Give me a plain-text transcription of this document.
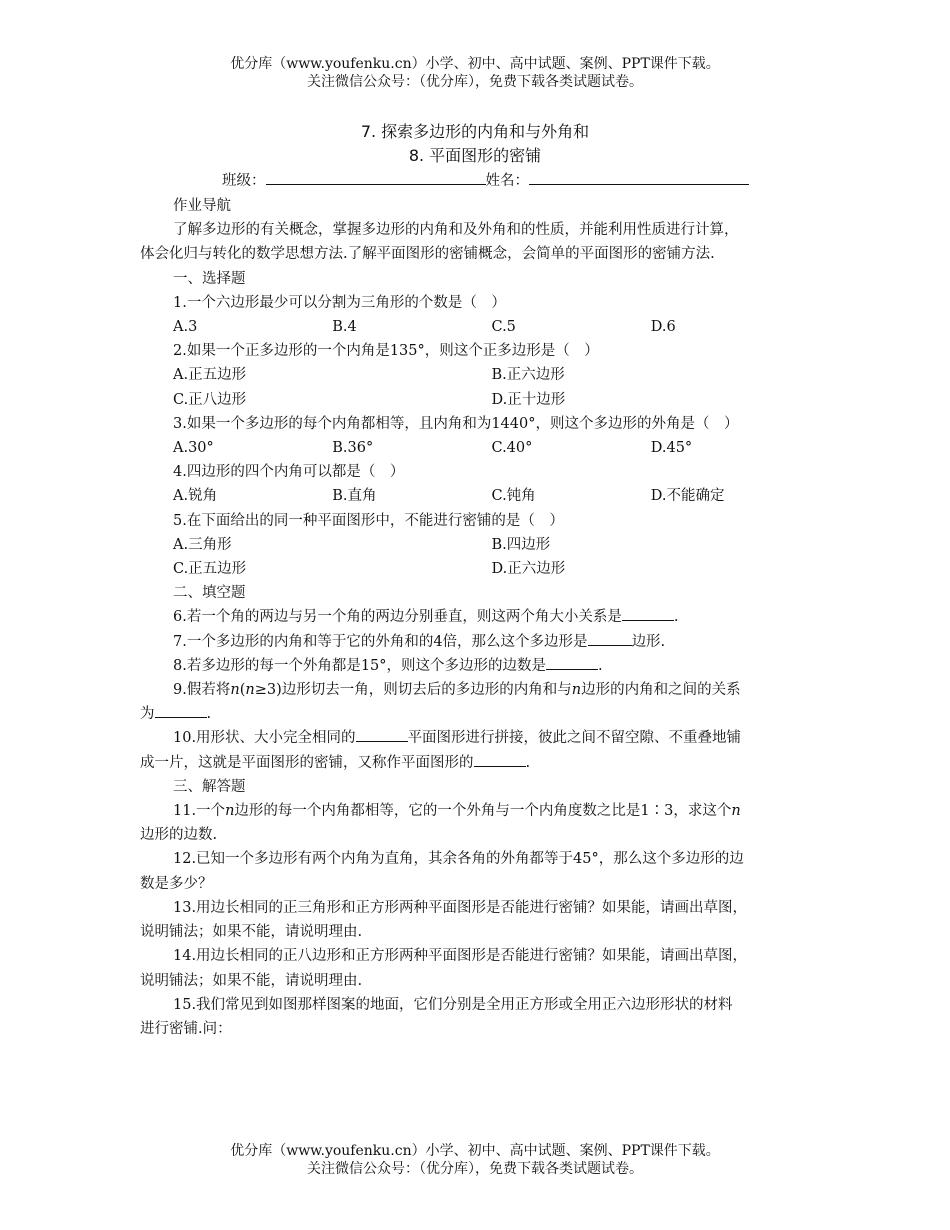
优分库（www.youfenku.cn）小学、初中、高中试题、案例、PPT课件下载。
关注微信公众号：（优分库），免费下载各类试题试卷。
7. 探索多边形的内角和与外角和
8. 平面图形的密铺
班级：	姓名：

作业导航

了解多边形的有关概念，掌握多边形的内角和及外角和的性质，并能利用性质进行计算，

体会化归与转化的数学思想方法.了解平面图形的密铺概念，会简单的平面图形的密铺方法.

一、选择题

1.一个六边形最少可以分割为三角形的个数是（　）

A.3	B.4	C.5	D.6

2.如果一个正多边形的一个内角是135°，则这个正多边形是（　）

A.正五边形	B.正六边形
C.正八边形	D.正十边形

3.如果一个多边形的每个内角都相等，且内角和为1440°，则这个多边形的外角是（　）

A.30°	B.36°	C.40°	D.45°

4.四边形的四个内角可以都是（　）

A.锐角	B.直角	C.钝角	D.不能确定

5.在下面给出的同一种平面图形中，不能进行密铺的是（　）

A.三角形	B.四边形
C.正五边形	D.正六边形

二、填空题

6.若一个角的两边与另一个角的两边分别垂直，则这两个角大小关系是	.

7.一个多边形的内角和等于它的外角和的4倍，那么这个多边形是	边形.

8.若多边形的每一个外角都是15°，则这个多边形的边数是	.

9.假若将n(n≥3)边形切去一角，则切去后的多边形的内角和与n边形的内角和之间的关系

为	.

10.用形状、大小完全相同的	平面图形进行拼接，彼此之间不留空隙、不重叠地铺

成一片，这就是平面图形的密铺，又称作平面图形的	.

三、解答题

11.一个n边形的每一个内角都相等，它的一个外角与一个内角度数之比是1∶3，求这个n

边形的边数.

12.已知一个多边形有两个内角为直角，其余各角的外角都等于45°，那么这个多边形的边

数是多少？

13.用边长相同的正三角形和正方形两种平面图形是否能进行密铺？如果能，请画出草图，

说明铺法；如果不能，请说明理由.

14.用边长相同的正八边形和正方形两种平面图形是否能进行密铺？如果能，请画出草图，

说明铺法；如果不能，请说明理由.

15.我们常见到如图那样图案的地面，它们分别是全用正方形或全用正六边形形状的材料

进行密铺.问：

优分库（www.youfenku.cn）小学、初中、高中试题、案例、PPT课件下载。
关注微信公众号：（优分库），免费下载各类试题试卷。
